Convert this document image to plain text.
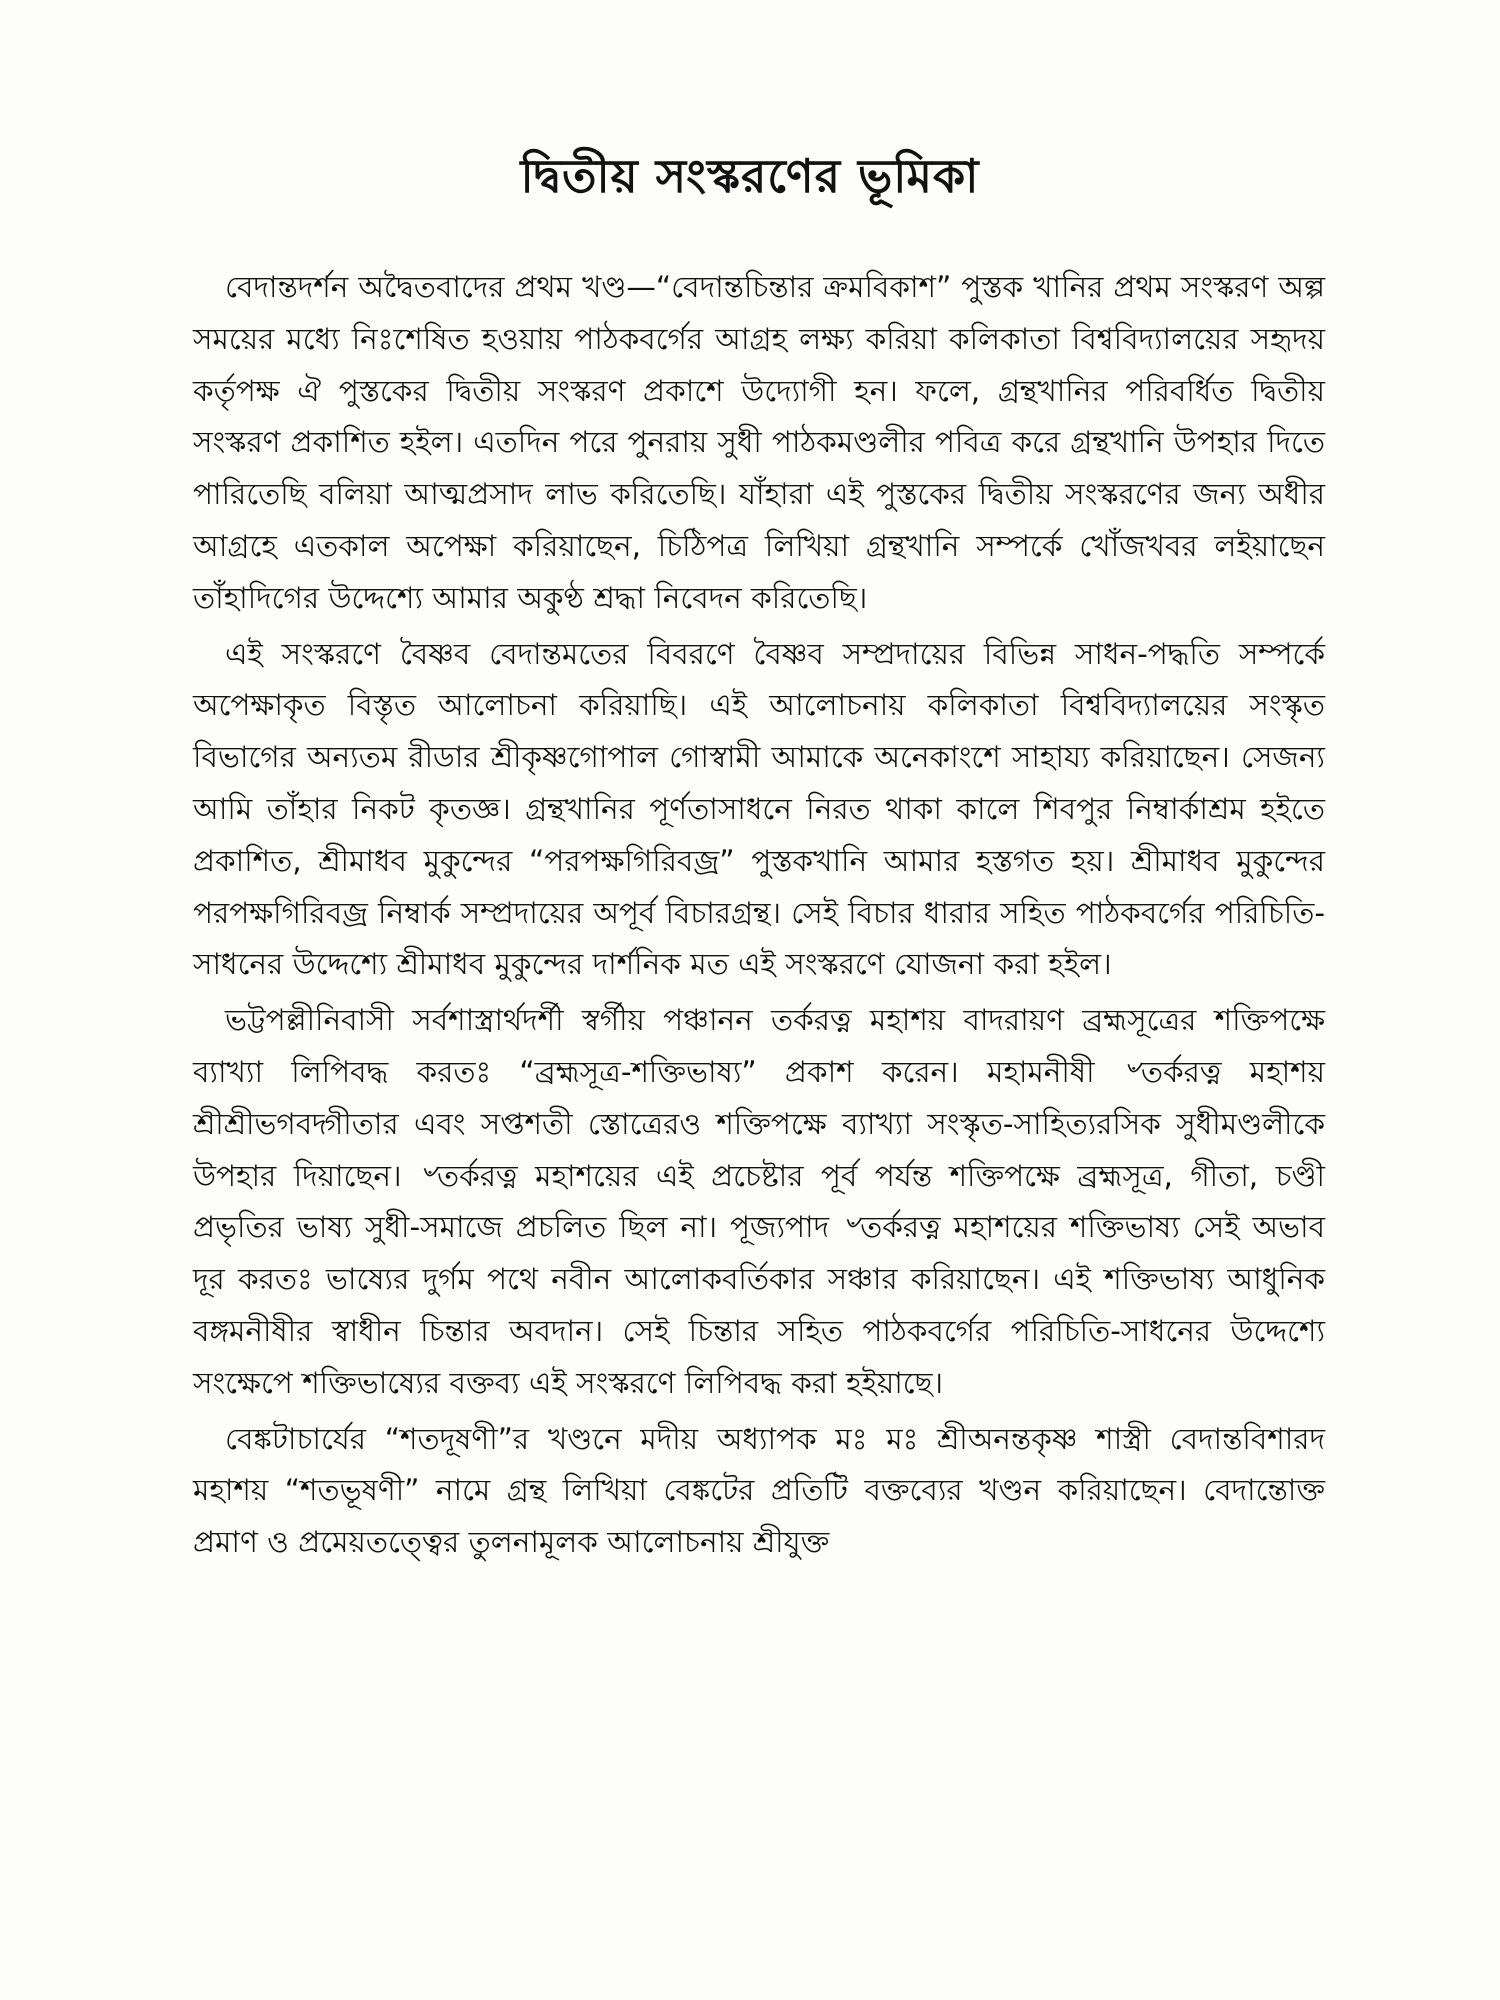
দ্বিতীয় সংস্করণের ভূমিকা

বেদান্তদর্শন অদ্বৈতবাদের প্রথম খণ্ড—“বেদান্তচিন্তার ক্রমবিকাশ” পুস্তক খানির প্রথম সংস্করণ অল্প সময়ের মধ্যে নিঃশেষিত হওয়ায় পাঠকবর্গের আগ্রহ লক্ষ্য করিয়া কলিকাতা বিশ্ববিদ্যালয়ের সহৃদয় কর্তৃপক্ষ ঐ পুস্তকের দ্বিতীয় সংস্করণ প্রকাশে উদ্যোগী হন। ফলে, গ্রন্থখানির পরিবর্ধিত দ্বিতীয় সংস্করণ প্রকাশিত হইল। এতদিন পরে পুনরায় সুধী পাঠকমণ্ডলীর পবিত্র করে গ্রন্থখানি উপহার দিতে পারিতেছি বলিয়া আত্মপ্রসাদ লাভ করিতেছি। যাঁহারা এই পুস্তকের দ্বিতীয় সংস্করণের জন্য অধীর আগ্রহে এতকাল অপেক্ষা করিয়াছেন, চিঠিপত্র লিখিয়া গ্রন্থখানি সম্পর্কে খোঁজখবর লইয়াছেন তাঁহাদিগের উদ্দেশ্যে আমার অকুণ্ঠ শ্রদ্ধা নিবেদন করিতেছি।

এই সংস্করণে বৈষ্ণব বেদান্তমতের বিবরণে বৈষ্ণব সম্প্রদায়ের বিভিন্ন সাধন-পদ্ধতি সম্পর্কে অপেক্ষাকৃত বিস্তৃত আলোচনা করিয়াছি। এই আলোচনায় কলিকাতা বিশ্ববিদ্যালয়ের সংস্কৃত বিভাগের অন্যতম রীডার শ্রীকৃষ্ণগোপাল গোস্বামী আমাকে অনেকাংশে সাহায্য করিয়াছেন। সেজন্য আমি তাঁহার নিকট কৃতজ্ঞ। গ্রন্থখানির পূর্ণতাসাধনে নিরত থাকা কালে শিবপুর নিম্বার্কাশ্রম হইতে প্রকাশিত, শ্রীমাধব মুকুন্দের “পরপক্ষগিরিবজ্র” পুস্তকখানি আমার হস্তগত হয়। শ্রীমাধব মুকুন্দের পরপক্ষগিরিবজ্র নিম্বার্ক সম্প্রদায়ের অপূর্ব বিচারগ্রন্থ। সেই বিচার ধারার সহিত পাঠকবর্গের পরিচিতি-সাধনের উদ্দেশ্যে শ্রীমাধব মুকুন্দের দার্শনিক মত এই সংস্করণে যোজনা করা হইল।

ভট্টপল্লীনিবাসী সর্বশাস্ত্রার্থদর্শী স্বর্গীয় পঞ্চানন তর্করত্ন মহাশয় বাদরায়ণ ব্রহ্মসূত্রের শক্তিপক্ষে ব্যাখ্যা লিপিবদ্ধ করতঃ “ব্রহ্মসূত্র-শক্তিভাষ্য” প্রকাশ করেন। মহামনীষী ৺তর্করত্ন মহাশয় শ্রীশ্রীভগবদ্গীতার এবং সপ্তশতী স্তোত্রেরও শক্তিপক্ষে ব্যাখ্যা সংস্কৃত-সাহিত্যরসিক সুধীমণ্ডলীকে উপহার দিয়াছেন। ৺তর্করত্ন মহাশয়ের এই প্রচেষ্টার পূর্ব পর্যন্ত শক্তিপক্ষে ব্রহ্মসূত্র, গীতা, চণ্ডী প্রভৃতির ভাষ্য সুধী-সমাজে প্রচলিত ছিল না। পূজ্যপাদ ৺তর্করত্ন মহাশয়ের শক্তিভাষ্য সেই অভাব দূর করতঃ ভাষ্যের দুর্গম পথে নবীন আলোকবর্তিকার সঞ্চার করিয়াছেন। এই শক্তিভাষ্য আধুনিক বঙ্গমনীষীর স্বাধীন চিন্তার অবদান। সেই চিন্তার সহিত পাঠকবর্গের পরিচিতি-সাধনের উদ্দেশ্যে সংক্ষেপে শক্তিভাষ্যের বক্তব্য এই সংস্করণে লিপিবদ্ধ করা হইয়াছে।

বেঙ্কটাচার্যের “শতদূষণী”র খণ্ডনে মদীয় অধ্যাপক মঃ মঃ শ্রীঅনন্তকৃষ্ণ শাস্ত্রী বেদান্তবিশারদ মহাশয় “শতভূষণী” নামে গ্রন্থ লিখিয়া বেঙ্কটের প্রতিটি বক্তব্যের খণ্ডন করিয়াছেন। বেদান্তোক্ত প্রমাণ ও প্রমেয়তত্ত্বের তুলনামূলক আলোচনায় শ্রীযুক্ত
